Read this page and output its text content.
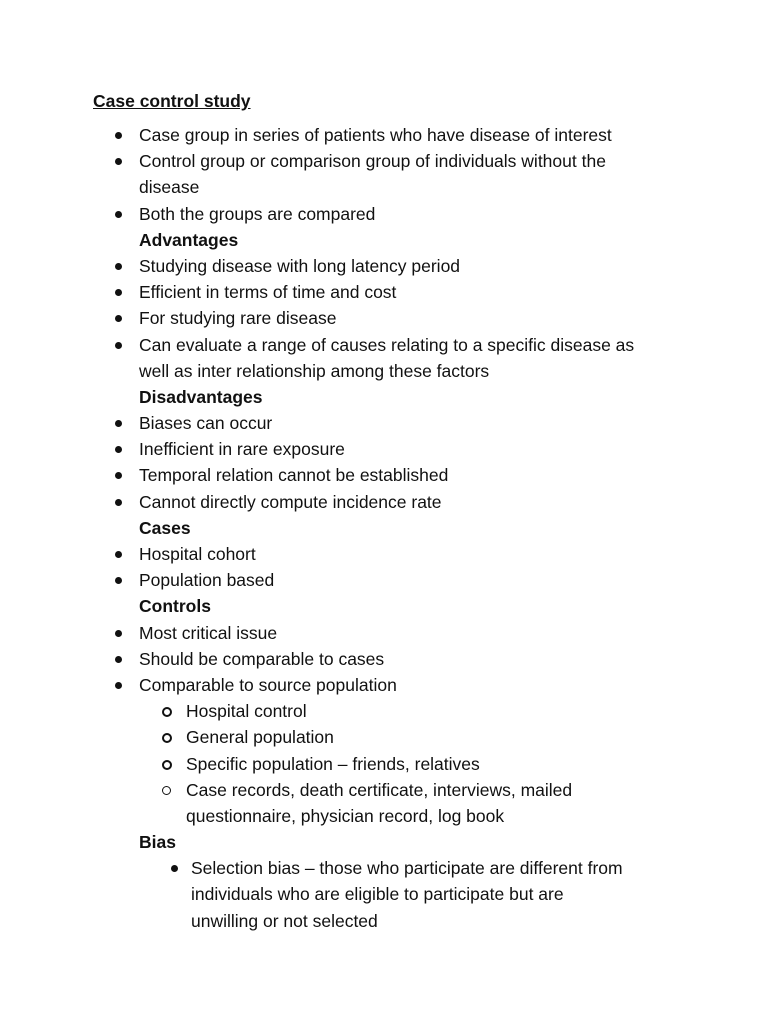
Case control study
Case group in series of patients who have disease of interest
Control group or comparison group of individuals without the
disease
Both the groups are compared
Advantages
Studying disease with long latency period
Efficient in terms of time and cost
For studying rare disease
Can evaluate a range of causes relating to a specific disease as
well as inter relationship among these factors
Disadvantages
Biases can occur
Inefficient in rare exposure
Temporal relation cannot be established
Cannot directly compute incidence rate
Cases
Hospital cohort
Population based
Controls
Most critical issue
Should be comparable to cases
Comparable to source population
Hospital control
General population
Specific population – friends, relatives
Case records, death certificate, interviews, mailed
questionnaire, physician record, log book
Bias
Selection bias – those who participate are different from
individuals who are eligible to participate but are
unwilling or not selected
